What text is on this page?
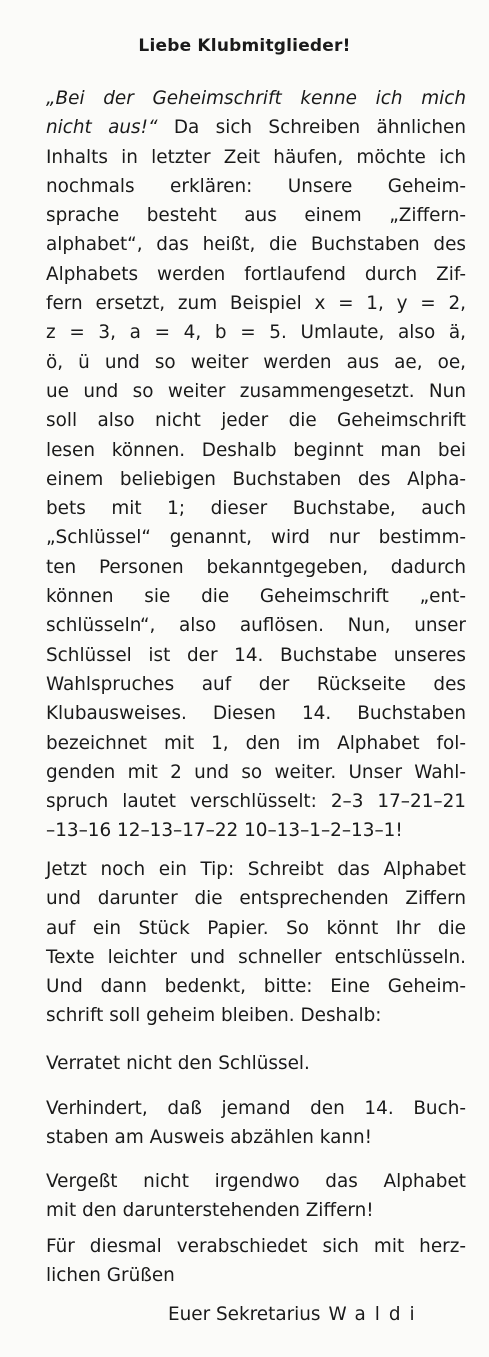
Liebe Klubmitglieder!
„Bei der Geheimschrift kenne ich mich
nicht aus!“ Da sich Schreiben ähnlichen
Inhalts in letzter Zeit häufen, möchte ich
nochmals erklären: Unsere Geheim-
sprache besteht aus einem „Ziffern-
alphabet“, das heißt, die Buchstaben des
Alphabets werden fortlaufend durch Zif-
fern ersetzt, zum Beispiel x = 1, y = 2,
z = 3, a = 4, b = 5. Umlaute, also ä,
ö, ü und so weiter werden aus ae, oe,
ue und so weiter zusammengesetzt. Nun
soll also nicht jeder die Geheimschrift
lesen können. Deshalb beginnt man bei
einem beliebigen Buchstaben des Alpha-
bets mit 1; dieser Buchstabe, auch
„Schlüssel“ genannt, wird nur bestimm-
ten Personen bekanntgegeben, dadurch
können sie die Geheimschrift „ent-
schlüsseln“, also auflösen. Nun, unser
Schlüssel ist der 14. Buchstabe unseres
Wahlspruches auf der Rückseite des
Klubausweises. Diesen 14. Buchstaben
bezeichnet mit 1, den im Alphabet fol-
genden mit 2 und so weiter. Unser Wahl-
spruch lautet verschlüsselt: 2–3 17–21–21
–13–16 12–13–17–22 10–13–1–2–13–1!
Jetzt noch ein Tip: Schreibt das Alphabet
und darunter die entsprechenden Ziffern
auf ein Stück Papier. So könnt Ihr die
Texte leichter und schneller entschlüsseln.
Und dann bedenkt, bitte: Eine Geheim-
schrift soll geheim bleiben. Deshalb:
Verratet nicht den Schlüssel.
Verhindert, daß jemand den 14. Buch-
staben am Ausweis abzählen kann!
Vergeßt nicht irgendwo das Alphabet
mit den darunterstehenden Ziffern!
Für diesmal verabschiedet sich mit herz-
lichen Grüßen
Euer Sekretarius Waldi
